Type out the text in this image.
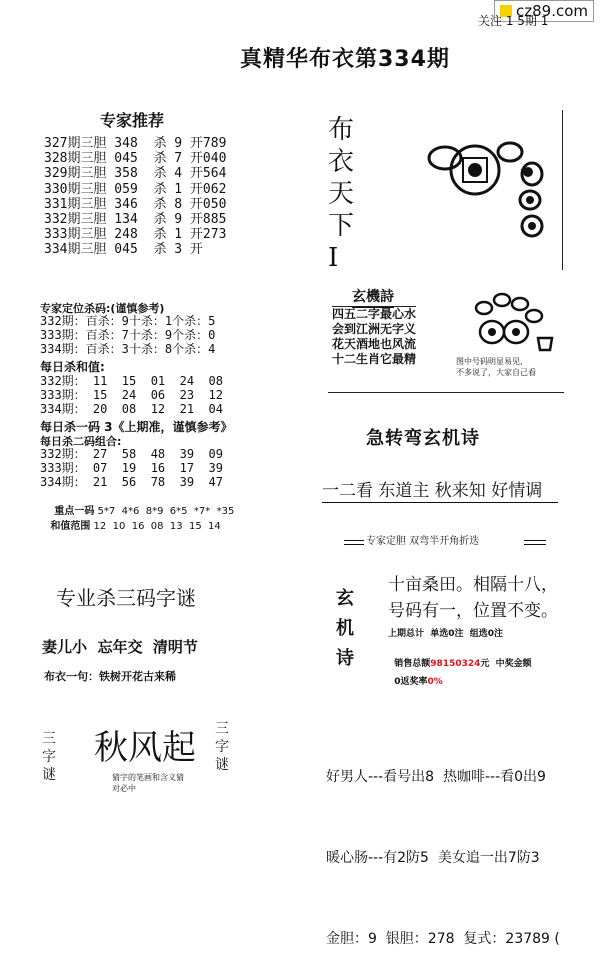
cz89.com
关注 1 5期 1
真精华布衣第334期
专家推荐
327期三胆 348  杀 9 开789
328期三胆 045  杀 7 开040
329期三胆 358  杀 4 开564
330期三胆 059  杀 1 开062
331期三胆 346  杀 8 开050
332期三胆 134  杀 9 开885
333期三胆 248  杀 1 开273
334期三胆 045  杀 3 开
专家定位杀码:(谨慎参考)
332期：百杀：9十杀：1个杀：5
333期：百杀：7十杀：9个杀：0
334期：百杀：3十杀：8个杀：4
每日杀和值:
332期： 11  15  01  24  08
333期： 15  24  06  23  12
334期： 20  08  12  21  04
每日杀一码 3《上期准，谨慎参考》
每日杀二码组合:
332期： 27  58  48  39  09
333期： 07  19  16  17  39
334期： 21  56  78  39  47

重点一码 5*7  4*6  8*9  6*5  *7*  *35

和值范围 12  10  16  08  13  15  14

专业杀三码字谜
妻儿小  忘年交  清明节
布衣一句：铁树开花古来稀
三字谜
秋风起
猜字的笔画和含义猜
对必中
三字谜
布
衣
天
下
I
玄機詩
四五二字最心水
会到江洲无字义
花天酒地也风流
十二生肖它最精	图中号码明显易见,
不多说了，大家自己看
急转弯玄机诗
一二看 东道主 秋来知 好情调
专家定胆 双弯半开角折迭
玄
机
诗
十亩桑田。相隔十八，
号码有一，位置不变。
上期总计  单选0注  组选0注

销售总额98150324元  中奖金额

0返奖率0%

好男人---看号出8  热咖啡---看0出9

暖心肠---有2防5  美女追一出7防3

金胆：9  银胆：278  复式：23789 (
